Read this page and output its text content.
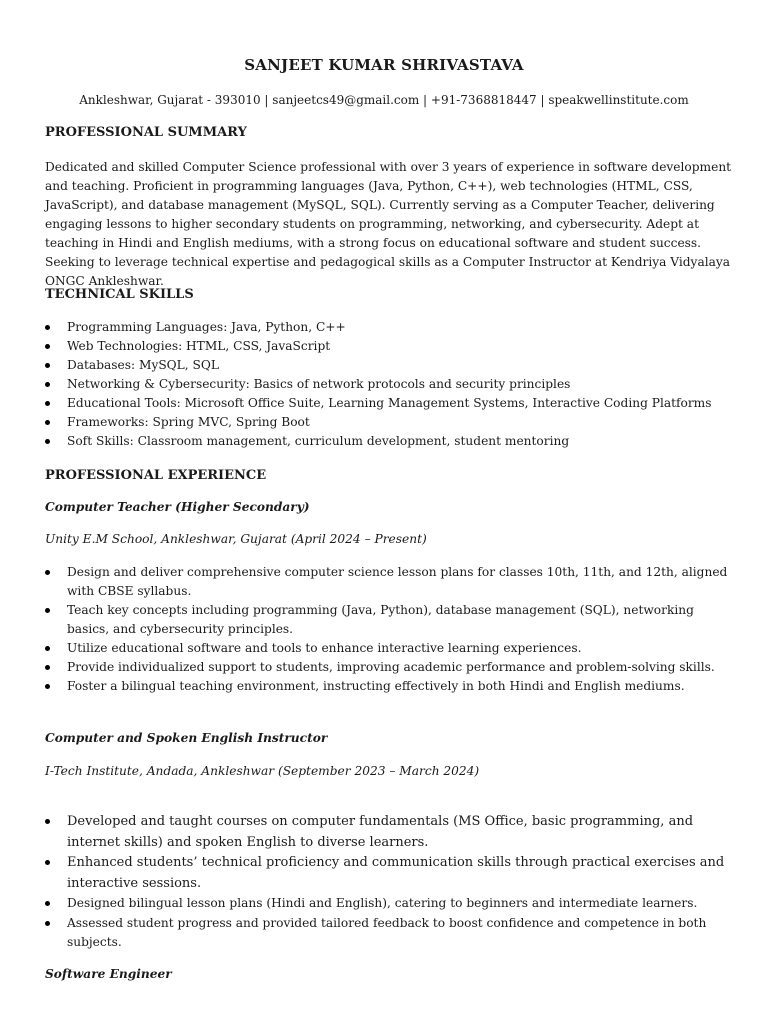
SANJEET KUMAR SHRIVASTAVA
Ankleshwar, Gujarat - 393010 | sanjeetcs49@gmail.com | +91-7368818447 | speakwellinstitute.com
PROFESSIONAL SUMMARY

Dedicated and skilled Computer Science professional with over 3 years of experience in software development and teaching. Proficient in programming languages (Java, Python, C++), web technologies (HTML, CSS, JavaScript), and database management (MySQL, SQL). Currently serving as a Computer Teacher, delivering engaging lessons to higher secondary students on programming, networking, and cybersecurity. Adept at teaching in Hindi and English mediums, with a strong focus on educational software and student success. Seeking to leverage technical expertise and pedagogical skills as a Computer Instructor at Kendriya Vidyalaya ONGC Ankleshwar.

TECHNICAL SKILLS
Programming Languages: Java, Python, C++
Web Technologies: HTML, CSS, JavaScript
Databases: MySQL, SQL
Networking & Cybersecurity: Basics of network protocols and security principles
Educational Tools: Microsoft Office Suite, Learning Management Systems, Interactive Coding Platforms
Frameworks: Spring MVC, Spring Boot
Soft Skills: Classroom management, curriculum development, student mentoring
PROFESSIONAL EXPERIENCE
Computer Teacher (Higher Secondary)
Unity E.M School, Ankleshwar, Gujarat (April 2024 – Present)
Design and deliver comprehensive computer science lesson plans for classes 10th, 11th, and 12th, aligned with CBSE syllabus.
Teach key concepts including programming (Java, Python), database management (SQL), networking basics, and cybersecurity principles.
Utilize educational software and tools to enhance interactive learning experiences.
Provide individualized support to students, improving academic performance and problem-solving skills.
Foster a bilingual teaching environment, instructing effectively in both Hindi and English mediums.
Computer and Spoken English Instructor
I-Tech Institute, Andada, Ankleshwar (September 2023 – March 2024)
Developed and taught courses on computer fundamentals (MS Office, basic programming, and internet skills) and spoken English to diverse learners.
Enhanced students’ technical proficiency and communication skills through practical exercises and interactive sessions.
Designed bilingual lesson plans (Hindi and English), catering to beginners and intermediate learners.
Assessed student progress and provided tailored feedback to boost confidence and competence in both subjects.
Software Engineer
